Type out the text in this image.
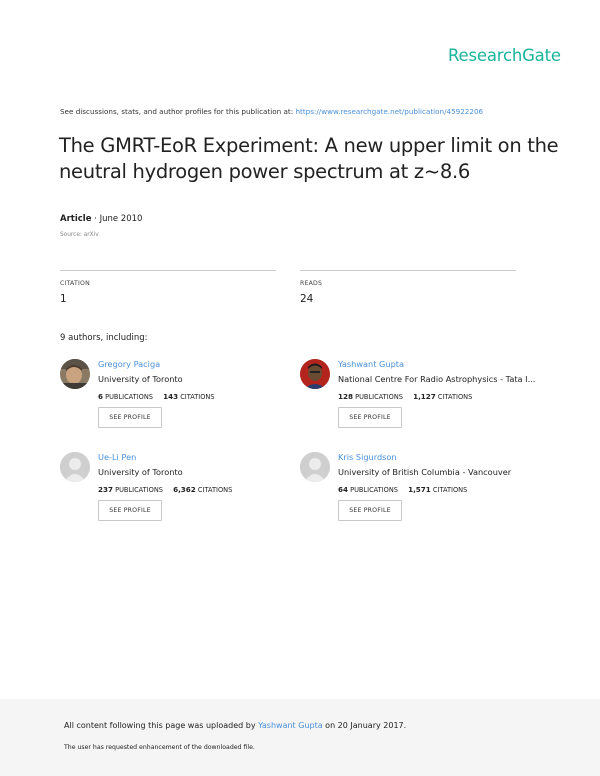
ResearchGate
See discussions, stats, and author profiles for this publication at: https://www.researchgate.net/publication/45922206
The GMRT-EoR Experiment: A new upper limit on the neutral hydrogen power spectrum at z~8.6
Article · June 2010
Source: arXiv
CITATION
1
READS
24
9 authors, including:
Gregory Paciga
University of Toronto
6 PUBLICATIONS 143 CITATIONS
SEE PROFILE
Yashwant Gupta
National Centre For Radio Astrophysics - Tata I...
128 PUBLICATIONS 1,127 CITATIONS
SEE PROFILE
Ue-Li Pen
University of Toronto
237 PUBLICATIONS 6,362 CITATIONS
SEE PROFILE
Kris Sigurdson
University of British Columbia - Vancouver
64 PUBLICATIONS 1,571 CITATIONS
SEE PROFILE
All content following this page was uploaded by Yashwant Gupta on 20 January 2017.
The user has requested enhancement of the downloaded file.
